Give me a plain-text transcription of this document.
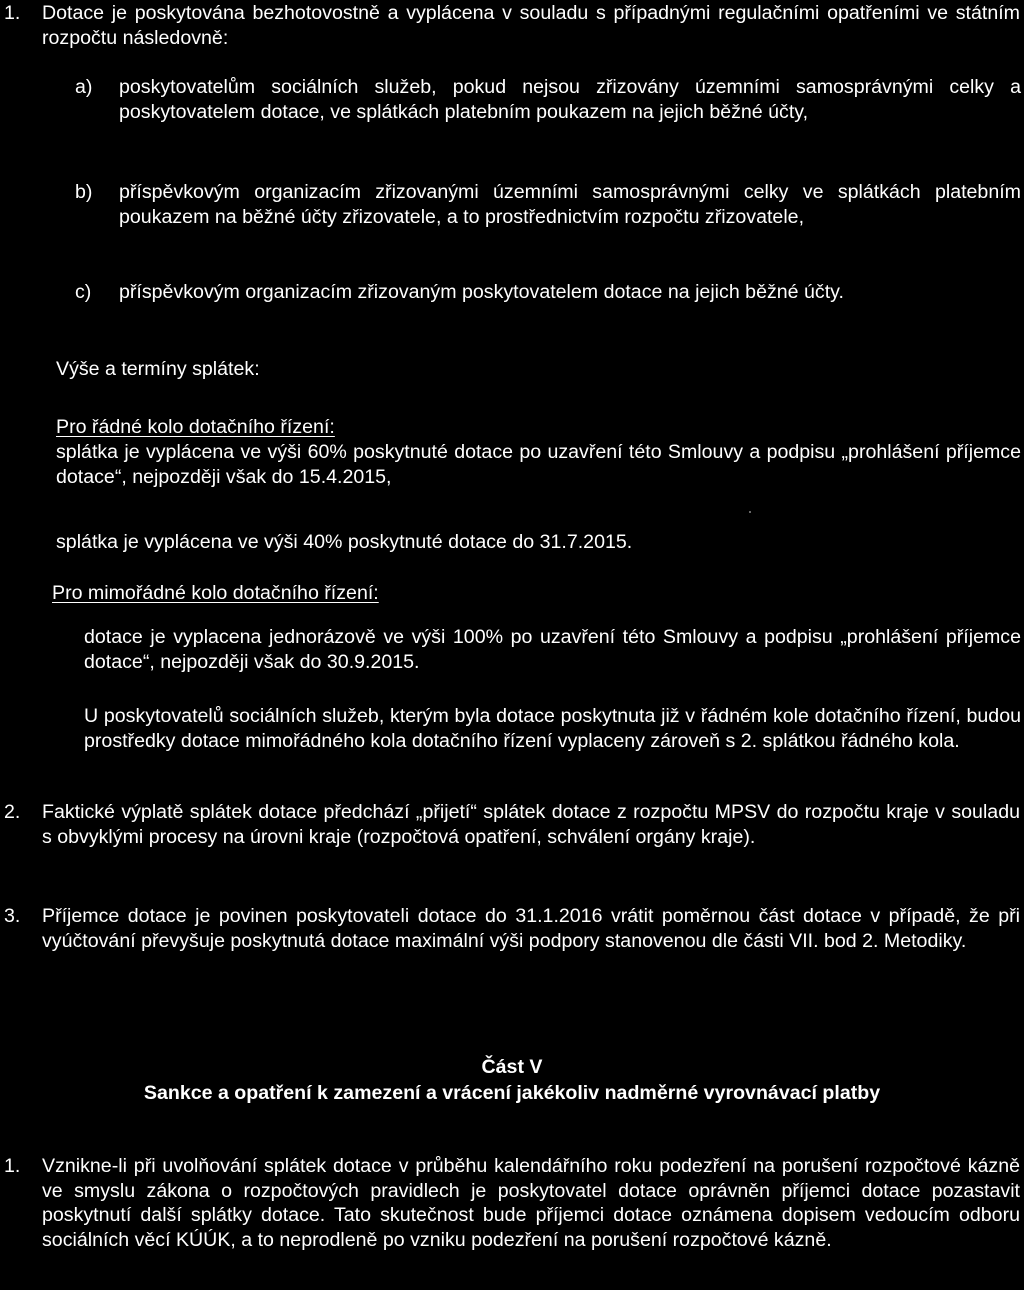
1. Dotace je poskytována bezhotovostně a vyplácena v souladu s případnými regulačními opatřeními ve státním rozpočtu následovně:
a) poskytovatelům sociálních služeb, pokud nejsou zřizovány územními samosprávnými celky a poskytovatelem dotace, ve splátkách platebním poukazem na jejich běžné účty,
b) příspěvkovým organizacím zřizovanými územními samosprávnými celky ve splátkách platebním poukazem na běžné účty zřizovatele, a to prostřednictvím rozpočtu zřizovatele,
c) příspěvkovým organizacím zřizovaným poskytovatelem dotace na jejich běžné účty.
Výše a termíny splátek:
Pro řádné kolo dotačního řízení:
splátka je vyplácena ve výši 60% poskytnuté dotace po uzavření této Smlouvy a podpisu „prohlášení příjemce dotace“, nejpozději však do 15.4.2015,
splátka je vyplácena ve výši 40% poskytnuté dotace do 31.7.2015.
Pro mimořádné kolo dotačního řízení:
dotace je vyplacena jednorázově ve výši 100% po uzavření této Smlouvy a podpisu „prohlášení příjemce dotace“, nejpozději však do 30.9.2015.
U poskytovatelů sociálních služeb, kterým byla dotace poskytnuta již v řádném kole dotačního řízení, budou prostředky dotace mimořádného kola dotačního řízení vyplaceny zároveň s 2. splátkou řádného kola.
2. Faktické výplatě splátek dotace předchází „přijetí“ splátek dotace z rozpočtu MPSV do rozpočtu kraje v souladu s obvyklými procesy na úrovni kraje (rozpočtová opatření, schválení orgány kraje).
3. Příjemce dotace je povinen poskytovateli dotace do 31.1.2016 vrátit poměrnou část dotace v případě, že při vyúčtování převyšuje poskytnutá dotace maximální výši podpory stanovenou dle části VII. bod 2. Metodiky.
Část V
Sankce a opatření k zamezení a vrácení jakékoliv nadměrné vyrovnávací platby
1. Vznikne-li při uvolňování splátek dotace v průběhu kalendářního roku podezření na porušení rozpočtové kázně ve smyslu zákona o rozpočtových pravidlech je poskytovatel dotace oprávněn příjemci dotace pozastavit poskytnutí další splátky dotace. Tato skutečnost bude příjemci dotace oznámena dopisem vedoucím odboru sociálních věcí KÚÚK, a to neprodleně po vzniku podezření na porušení rozpočtové kázně.
